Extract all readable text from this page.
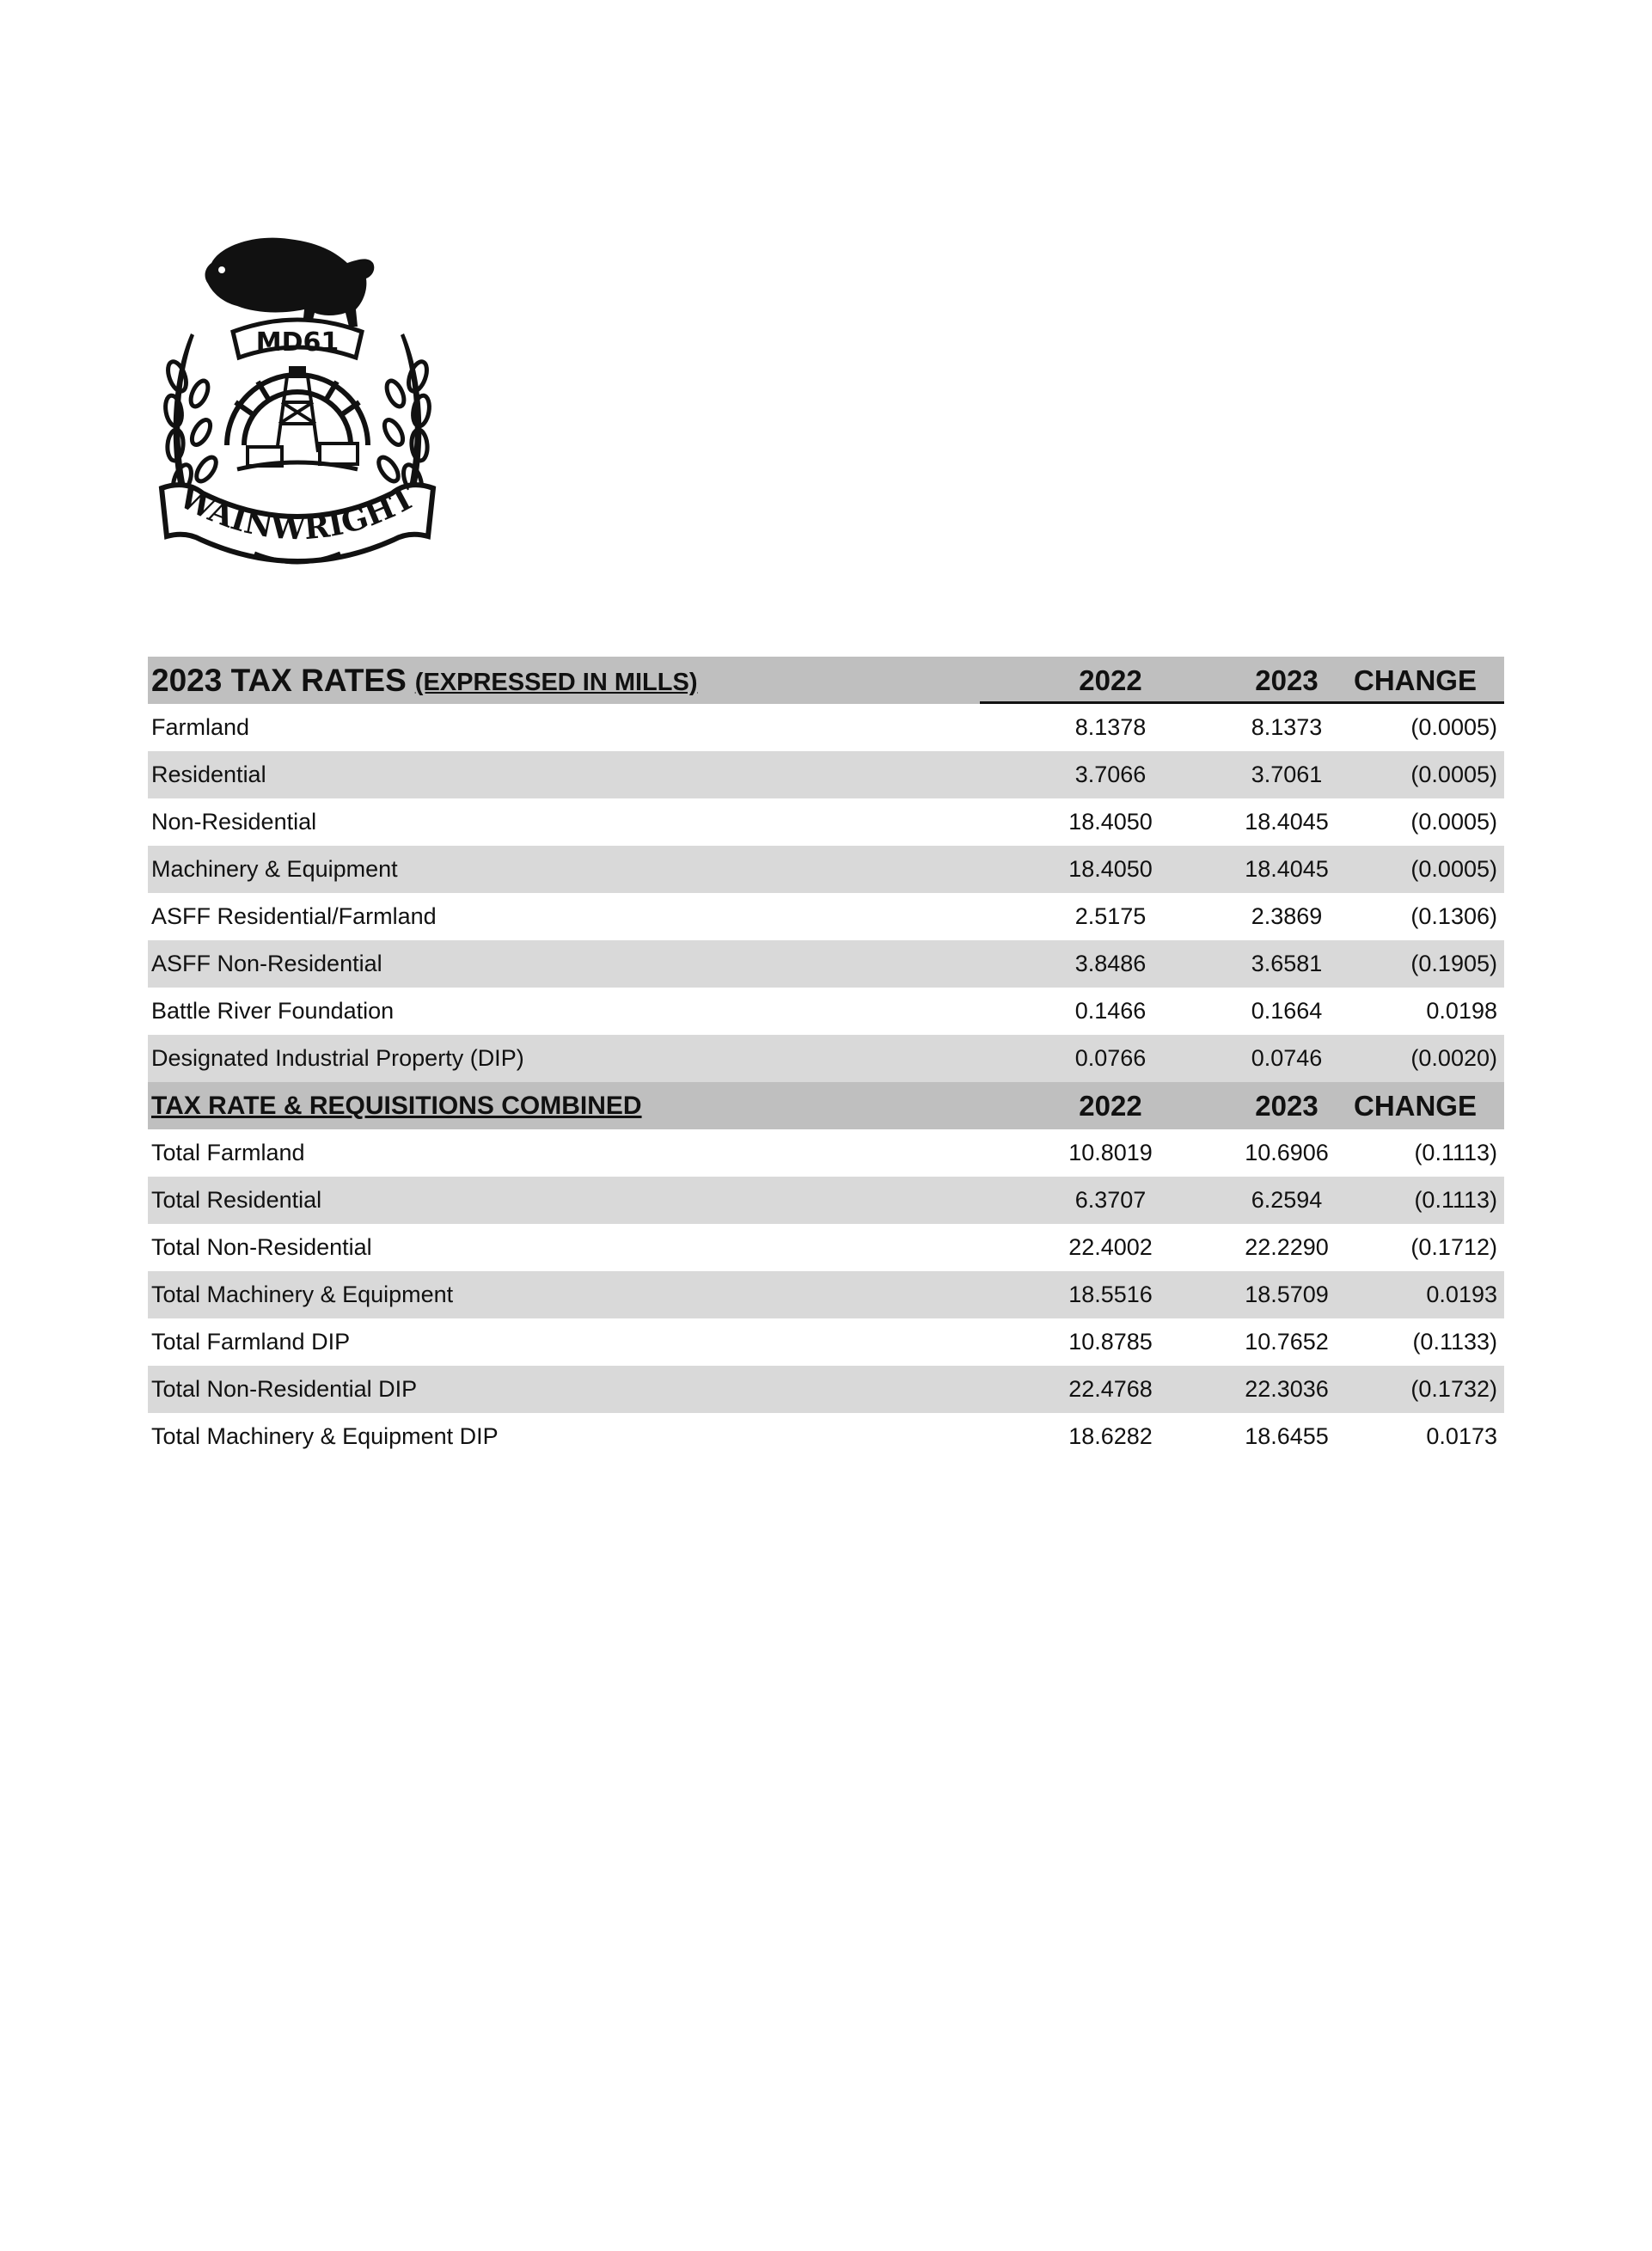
MD61
WAINWRIGHT
2023 TAX RATES (EXPRESSED IN MILLS)	2022	2023	CHANGE
Farmland	8.1378	8.1373	(0.0005)
Residential	3.7066	3.7061	(0.0005)
Non-Residential	18.4050	18.4045	(0.0005)
Machinery & Equipment	18.4050	18.4045	(0.0005)
ASFF Residential/Farmland	2.5175	2.3869	(0.1306)
ASFF Non-Residential	3.8486	3.6581	(0.1905)
Battle River Foundation	0.1466	0.1664	0.0198
Designated Industrial Property (DIP)	0.0766	0.0746	(0.0020)
TAX RATE & REQUISITIONS COMBINED	2022	2023	CHANGE
Total Farmland	10.8019	10.6906	(0.1113)
Total Residential	6.3707	6.2594	(0.1113)
Total Non-Residential	22.4002	22.2290	(0.1712)
Total Machinery & Equipment	18.5516	18.5709	0.0193
Total Farmland DIP	10.8785	10.7652	(0.1133)
Total Non-Residential DIP	22.4768	22.3036	(0.1732)
Total Machinery & Equipment DIP	18.6282	18.6455	0.0173
